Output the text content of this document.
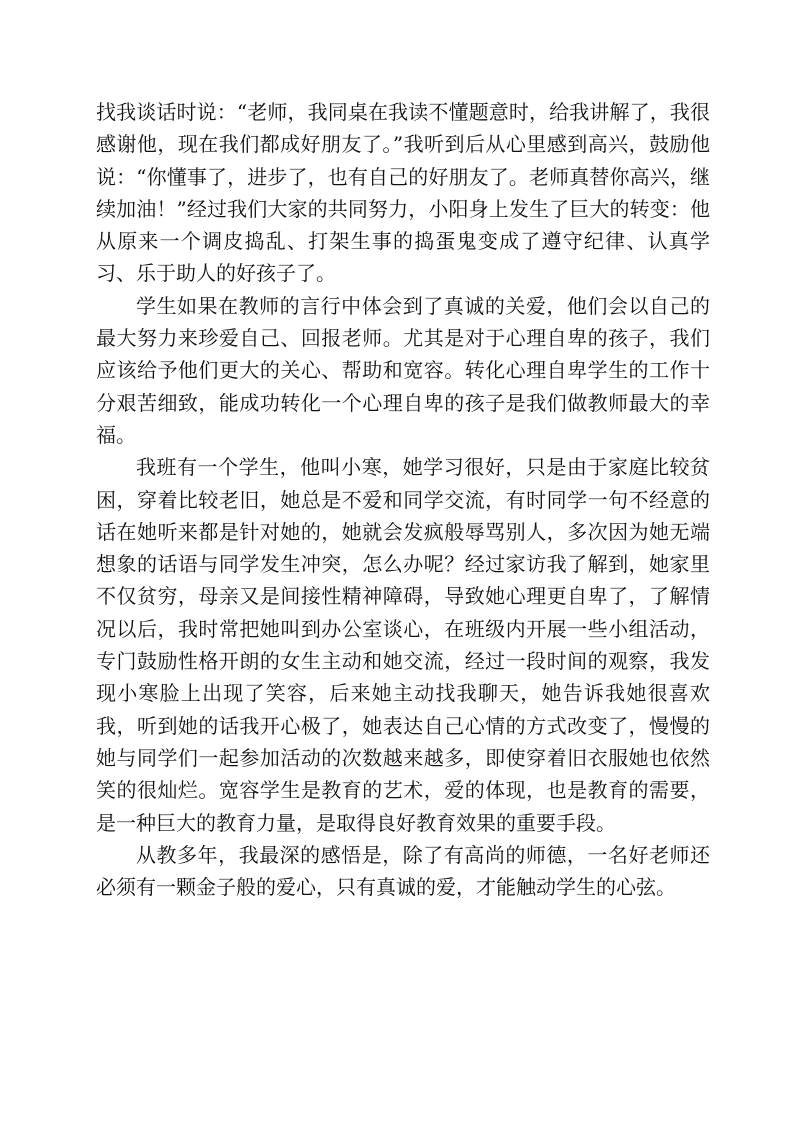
找我谈话时说：“老师，我同桌在我读不懂题意时，给我讲解了，我很感谢他，现在我们都成好朋友了。”我听到后从心里感到高兴，鼓励他说：“你懂事了，进步了，也有自己的好朋友了。老师真替你高兴，继续加油！”经过我们大家的共同努力，小阳身上发生了巨大的转变：他从原来一个调皮捣乱、打架生事的捣蛋鬼变成了遵守纪律、认真学习、乐于助人的好孩子了。

学生如果在教师的言行中体会到了真诚的关爱，他们会以自己的最大努力来珍爱自己、回报老师。尤其是对于心理自卑的孩子，我们应该给予他们更大的关心、帮助和宽容。转化心理自卑学生的工作十分艰苦细致，能成功转化一个心理自卑的孩子是我们做教师最大的幸福。

我班有一个学生，他叫小寒，她学习很好，只是由于家庭比较贫困，穿着比较老旧，她总是不爱和同学交流，有时同学一句不经意的话在她听来都是针对她的，她就会发疯般辱骂别人，多次因为她无端想象的话语与同学发生冲突，怎么办呢？经过家访我了解到，她家里不仅贫穷，母亲又是间接性精神障碍，导致她心理更自卑了，了解情况以后，我时常把她叫到办公室谈心，在班级内开展一些小组活动，专门鼓励性格开朗的女生主动和她交流，经过一段时间的观察，我发现小寒脸上出现了笑容，后来她主动找我聊天，她告诉我她很喜欢我，听到她的话我开心极了，她表达自己心情的方式改变了，慢慢的她与同学们一起参加活动的次数越来越多，即使穿着旧衣服她也依然笑的很灿烂。宽容学生是教育的艺术，爱的体现，也是教育的需要，是一种巨大的教育力量，是取得良好教育效果的重要手段。

从教多年，我最深的感悟是，除了有高尚的师德，一名好老师还必须有一颗金子般的爱心，只有真诚的爱，才能触动学生的心弦。
